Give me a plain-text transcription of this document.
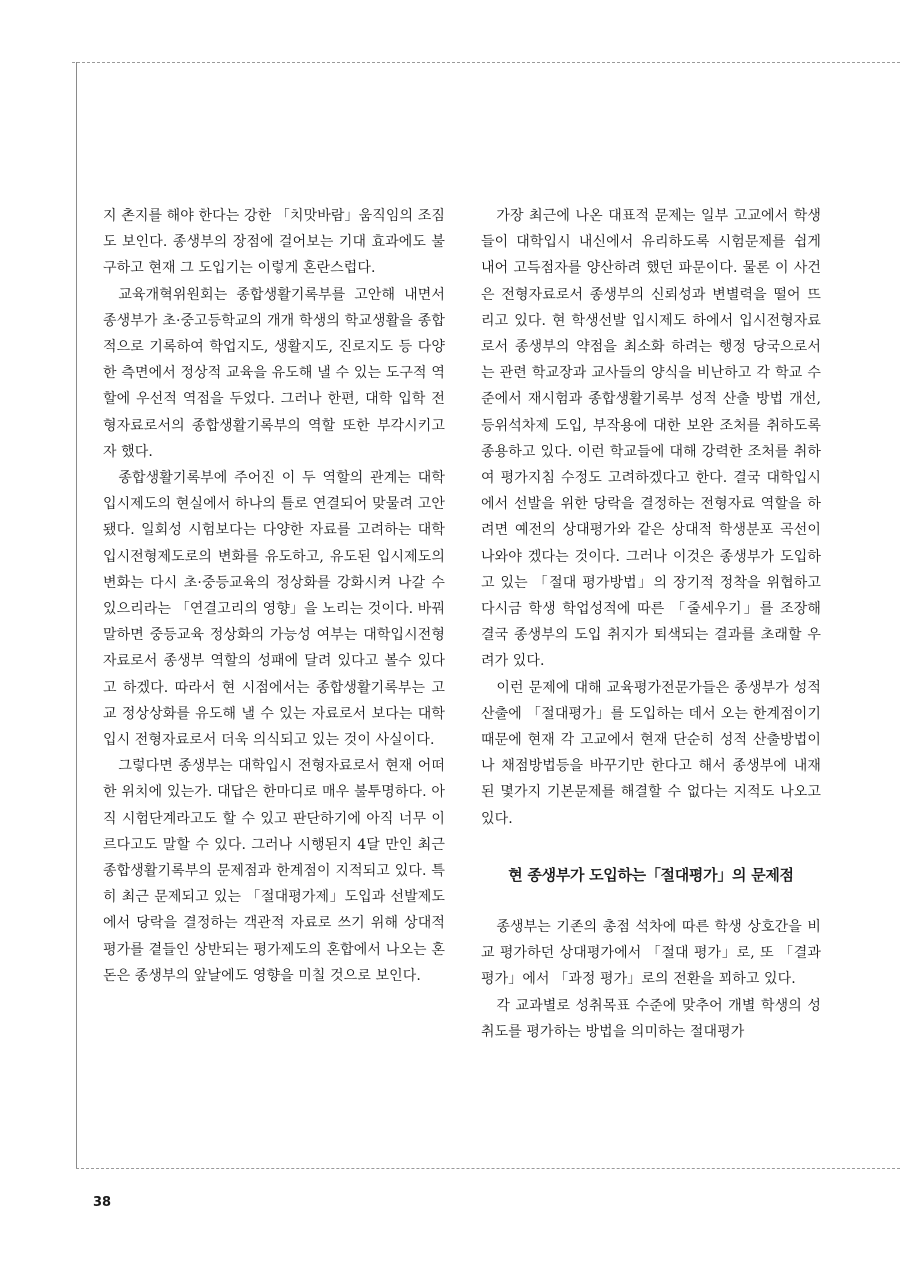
지 촌지를 해야 한다는 강한 「치맛바람」움직임의 조짐도 보인다. 종생부의 장점에 걸어보는 기대 효과에도 불구하고 현재 그 도입기는 이렇게 혼란스럽다.

교육개혁위원회는 종합생활기록부를 고안해 내면서 종생부가 초·중고등학교의 개개 학생의 학교생활을 종합적으로 기록하여 학업지도, 생활지도, 진로지도 등 다양한 측면에서 정상적 교육을 유도해 낼 수 있는 도구적 역할에 우선적 역점을 두었다. 그러나 한편, 대학 입학 전형자료로서의 종합생활기록부의 역할 또한 부각시키고자 했다.

종합생활기록부에 주어진 이 두 역할의 관계는 대학입시제도의 현실에서 하나의 틀로 연결되어 맞물려 고안됐다. 일회성 시험보다는 다양한 자료를 고려하는 대학 입시전형제도로의 변화를 유도하고, 유도된 입시제도의 변화는 다시 초·중등교육의 정상화를 강화시켜 나갈 수 있으리라는 「연결고리의 영향」을 노리는 것이다. 바꿔 말하면 중등교육 정상화의 가능성 여부는 대학입시전형자료로서 종생부 역할의 성패에 달려 있다고 볼수 있다고 하겠다. 따라서 현 시점에서는 종합생활기록부는 고교 정상상화를 유도해 낼 수 있는 자료로서 보다는 대학입시 전형자료로서 더욱 의식되고 있는 것이 사실이다.

그렇다면 종생부는 대학입시 전형자료로서 현재 어떠한 위치에 있는가. 대답은 한마디로 매우 불투명하다. 아직 시험단계라고도 할 수 있고 판단하기에 아직 너무 이르다고도 말할 수 있다. 그러나 시행된지 4달 만인 최근 종합생활기록부의 문제점과 한계점이 지적되고 있다. 특히 최근 문제되고 있는 「절대평가제」도입과 선발제도에서 당락을 결정하는 객관적 자료로 쓰기 위해 상대적 평가를 곁들인 상반되는 평가제도의 혼합에서 나오는 혼돈은 종생부의 앞날에도 영향을 미칠 것으로 보인다.

가장 최근에 나온 대표적 문제는 일부 고교에서 학생들이 대학입시 내신에서 유리하도록 시험문제를 쉽게 내어 고득점자를 양산하려 했던 파문이다. 물론 이 사건은 전형자료로서 종생부의 신뢰성과 변별력을 떨어 뜨리고 있다. 현 학생선발 입시제도 하에서 입시전형자료로서 종생부의 약점을 최소화 하려는 행정 당국으로서는 관련 학교장과 교사들의 양식을 비난하고 각 학교 수준에서 재시험과 종합생활기록부 성적 산출 방법 개선, 등위석차제 도입, 부작용에 대한 보완 조처를 취하도록 종용하고 있다. 이런 학교들에 대해 강력한 조처를 취하여 평가지침 수정도 고려하겠다고 한다. 결국 대학입시에서 선발을 위한 당락을 결정하는 전형자료 역할을 하려면 예전의 상대평가와 같은 상대적 학생분포 곡선이 나와야 겠다는 것이다. 그러나 이것은 종생부가 도입하고 있는 「절대 평가방법」의 장기적 정착을 위협하고 다시금 학생 학업성적에 따른 「줄세우기」를 조장해 결국 종생부의 도입 취지가 퇴색되는 결과를 초래할 우려가 있다.

이런 문제에 대해 교육평가전문가들은 종생부가 성적산출에 「절대평가」를 도입하는 데서 오는 한계점이기 때문에 현재 각 고교에서 현재 단순히 성적 산출방법이나 채점방법등을 바꾸기만 한다고 해서 종생부에 내재된 몇가지 기본문제를 해결할 수 없다는 지적도 나오고 있다.

현 종생부가 도입하는「절대평가」의 문제점

종생부는 기존의 총점 석차에 따른 학생 상호간을 비교 평가하던 상대평가에서 「절대 평가」로, 또 「결과 평가」에서 「과정 평가」로의 전환을 꾀하고 있다.

각 교과별로 성취목표 수준에 맞추어 개별 학생의 성취도를 평가하는 방법을 의미하는 절대평가

38
